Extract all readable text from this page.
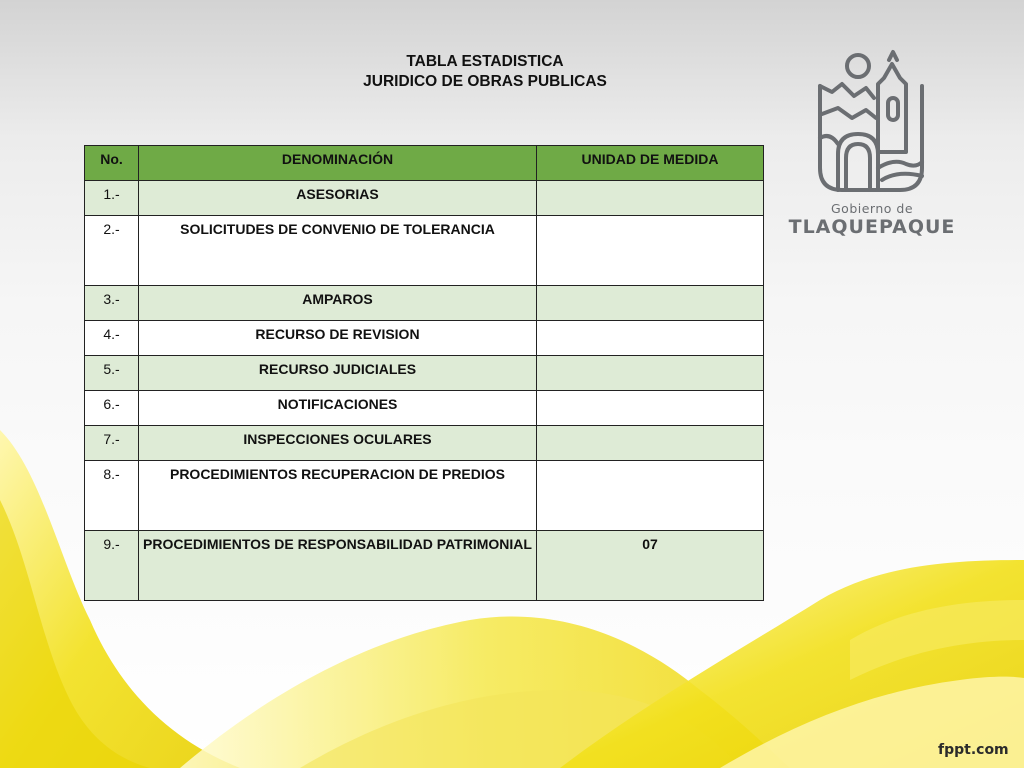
TABLA ESTADISTICA
JURIDICO DE OBRAS PUBLICAS
No.	DENOMINACIÓN	UNIDAD DE MEDIDA
1.-	ASESORIAS	
2.-	SOLICITUDES DE CONVENIO DE TOLERANCIA	
3.-	AMPAROS	
4.-	RECURSO DE REVISION	
5.-	RECURSO JUDICIALES	
6.-	NOTIFICACIONES	
7.-	INSPECCIONES OCULARES	
8.-	PROCEDIMIENTOS RECUPERACION DE PREDIOS	
9.-	PROCEDIMIENTOS DE RESPONSABILIDAD PATRIMONIAL	07
Gobierno de
TLAQUEPAQUE
fppt.com
